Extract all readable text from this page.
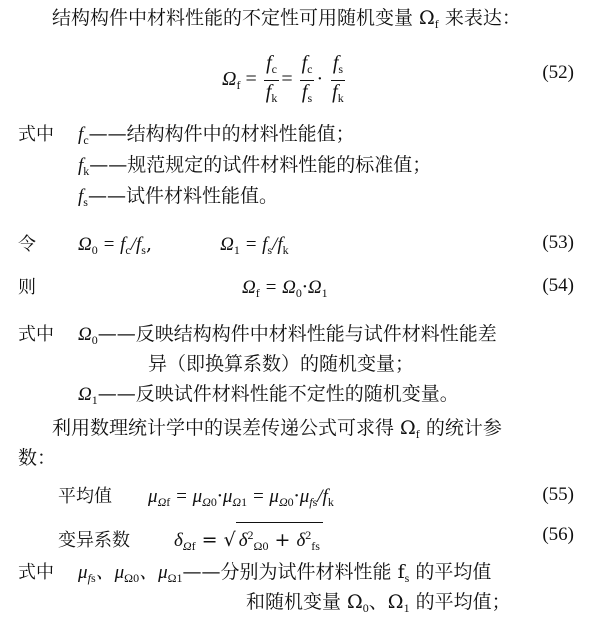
结构构件中材料性能的不定性可用随机变量 $\Omega_f$ 来表达：
$\Omega_f = \frac{f_c}{f_k} = \frac{f_c}{f_s} \cdot \frac{f_s}{f_k}$	(52)
式中 $f_c——$结构构件中的材料性能值；
$f_k——$规范规定的试件材料性能的标准值；
$f_s——$试件材料性能值。
令 $\Omega_0 = f_c/f_s$,	$\Omega_1 = f_s/f_k$	(53)
则	$\Omega_f = \Omega_0\cdot\Omega_1$	(54)
式中 $\Omega_0——$反映结构构件中材料性能与试件材料性能差
异（即换算系数）的随机变量；
$\Omega_1——$反映试件材料性能不定性的随机变量。
利用数理统计学中的误差传递公式可求得 $\Omega_f$ 的统计参
数：
平均值 $\mu_{\Omega f} = \mu_{\Omega 0}\cdot\mu_{\Omega 1} = \mu_{\Omega 0}\cdot\mu_{fs}/f_k$	(55)
变异系数 $\delta_{\Omega f}$ = √ $\delta^2_{\Omega 0} + \delta^2_{fs}$
(56)
式中 $\mu_{fs}$、$\mu_{\Omega 0}$、$\mu_{\Omega 1}——$分别为试件材料性能 $f_s$ 的平均值
和随机变量 $\Omega_0$、$\Omega_1$ 的平均值；
